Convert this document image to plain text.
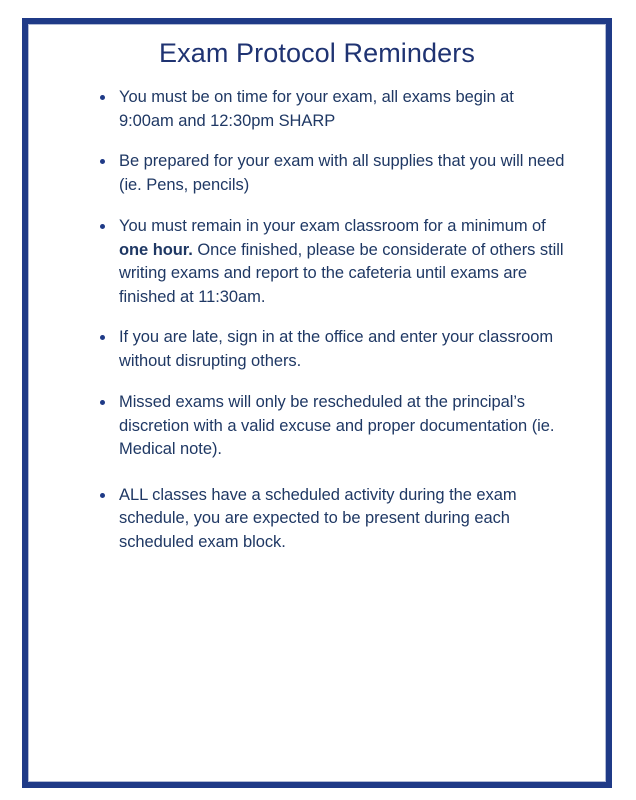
Exam Protocol Reminders
You must be on time for your exam, all exams begin at 9:00am and 12:30pm SHARP
Be prepared for your exam with all supplies that you will need (ie. Pens, pencils)
You must remain in your exam classroom for a minimum of one hour. Once finished, please be considerate of others still writing exams and report to the cafeteria until exams are finished at 11:30am.
If you are late, sign in at the office and enter your classroom without disrupting others.
Missed exams will only be rescheduled at the principal’s discretion with a valid excuse and proper documentation (ie. Medical note).
ALL classes have a scheduled activity during the exam schedule, you are expected to be present during each scheduled exam block.
